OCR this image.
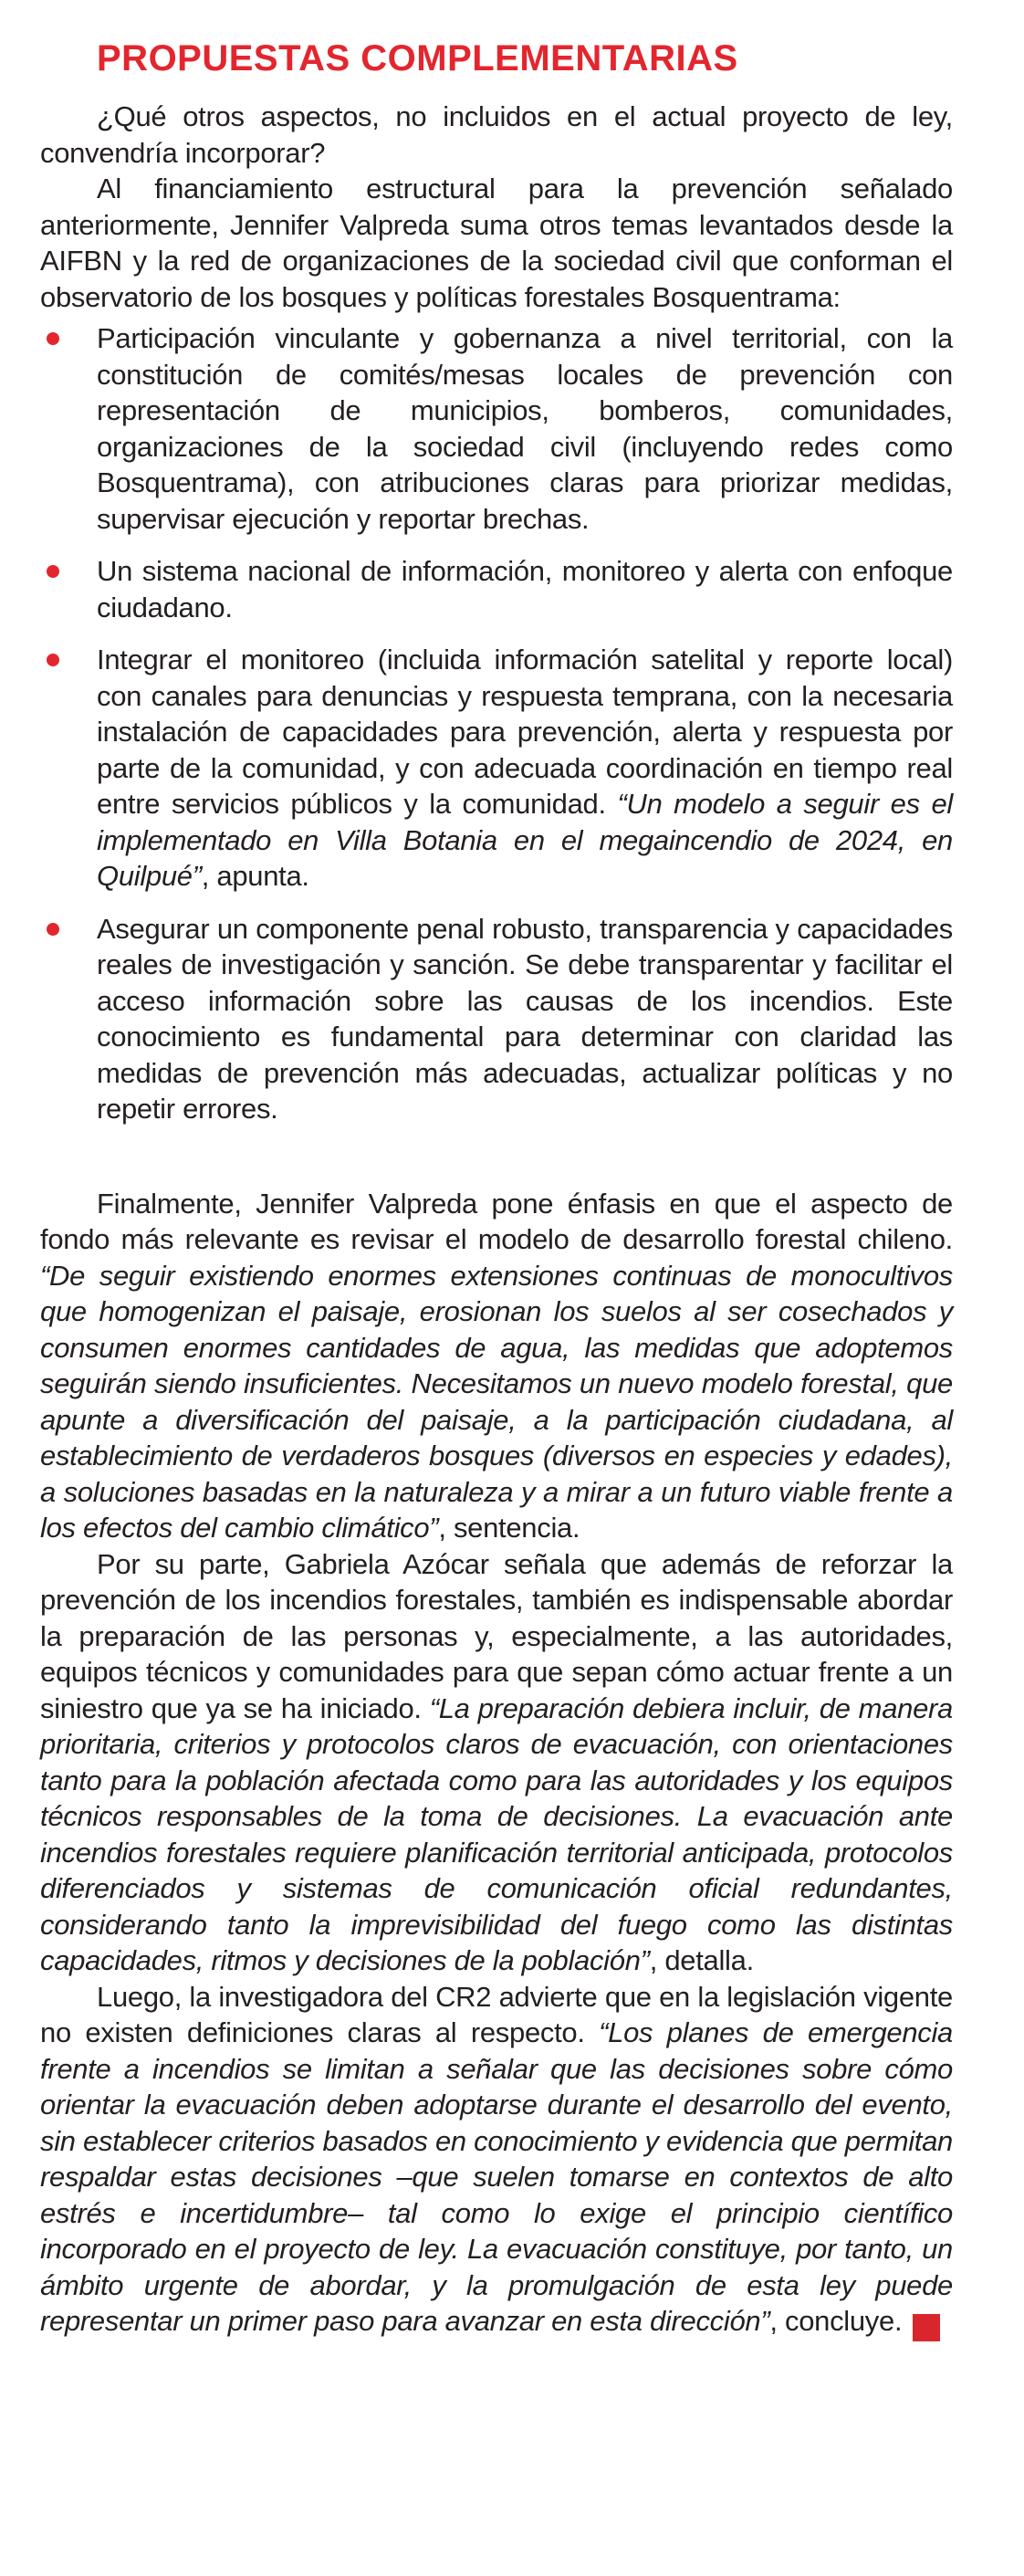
PROPUESTAS COMPLEMENTARIAS

¿Qué otros aspectos, no incluidos en el actual proyecto de ley, convendría incorporar?

Al financiamiento estructural para la prevención señalado anteriormente, Jennifer Valpreda suma otros temas levantados desde la AIFBN y la red de organizaciones de la sociedad civil que conforman el observatorio de los bosques y políticas forestales Bosquentrama:

Participación vinculante y gobernanza a nivel territorial, con la constitución de comités/mesas locales de prevención con representación de municipios, bomberos, comunidades, organizaciones de la sociedad civil (incluyendo redes como Bosquentrama), con atribuciones claras para priorizar medidas, supervisar ejecución y reportar brechas.
Un sistema nacional de información, monitoreo y alerta con enfoque ciudadano.
Integrar el monitoreo (incluida información satelital y reporte local) con canales para denuncias y respuesta temprana, con la necesaria instalación de capacidades para prevención, alerta y respuesta por parte de la comunidad, y con adecuada coordinación en tiempo real entre servicios públicos y la comunidad. “Un modelo a seguir es el implementado en Villa Botania en el megaincendio de 2024, en Quilpué”, apunta.
Asegurar un componente penal robusto, transparencia y capacidades reales de investigación y sanción. Se debe transparentar y facilitar el acceso información sobre las causas de los incendios. Este conocimiento es fundamental para determinar con claridad las medidas de prevención más adecuadas, actualizar políticas y no repetir errores.

Finalmente, Jennifer Valpreda pone énfasis en que el aspecto de fondo más relevante es revisar el modelo de desarrollo forestal chileno. “De seguir existiendo enormes extensiones continuas de monocultivos que homogenizan el paisaje, erosionan los suelos al ser cosechados y consumen enormes cantidades de agua, las medidas que adoptemos seguirán siendo insuficientes. Necesitamos un nuevo modelo forestal, que apunte a diversificación del paisaje, a la participación ciudadana, al establecimiento de verdaderos bosques (diversos en especies y edades), a soluciones basadas en la naturaleza y a mirar a un futuro viable frente a los efectos del cambio climático”, sentencia.

Por su parte, Gabriela Azócar señala que además de reforzar la prevención de los incendios forestales, también es indispensable abordar la preparación de las personas y, especialmente, a las autoridades, equipos técnicos y comunidades para que sepan cómo actuar frente a un siniestro que ya se ha iniciado. “La preparación debiera incluir, de manera prioritaria, criterios y protocolos claros de evacuación, con orientaciones tanto para la población afectada como para las autoridades y los equipos técnicos responsables de la toma de decisiones. La evacuación ante incendios forestales requiere planificación territorial anticipada, protocolos diferenciados y sistemas de comunicación oficial redundantes, considerando tanto la imprevisibilidad del fuego como las distintas capacidades, ritmos y decisiones de la población”, detalla.

Luego, la investigadora del CR2 advierte que en la legislación vigente no existen definiciones claras al respecto. “Los planes de emergencia frente a incendios se limitan a señalar que las decisiones sobre cómo orientar la evacuación deben adoptarse durante el desarrollo del evento, sin establecer criterios basados en conocimiento y evidencia que permitan respaldar estas decisiones –que suelen tomarse en contextos de alto estrés e incertidumbre– tal como lo exige el principio científico incorporado en el proyecto de ley. La evacuación constituye, por tanto, un ámbito urgente de abordar, y la promulgación de esta ley puede representar un primer paso para avanzar en esta dirección”, concluye.	LA
